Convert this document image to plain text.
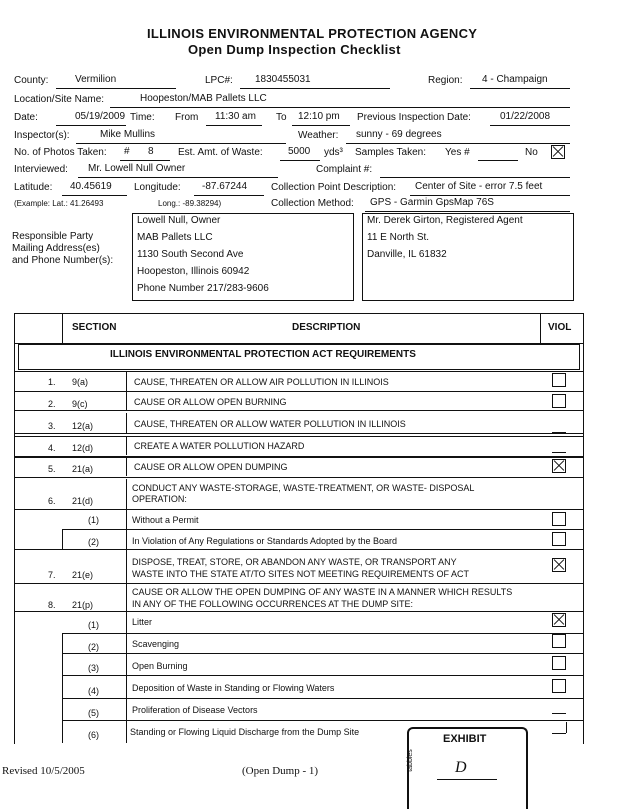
ILLINOIS ENVIRONMENTAL PROTECTION AGENCY
Open Dump Inspection Checklist
County:	Vermilion	LPC#: 1830455031	Region: 4 - Champaign
Location/Site Name:	Hoopeston/MAB Pallets LLC
Date:	05/19/2009 Time: From 11:30 am To 12:10 pm Previous Inspection Date:	01/22/2008
Inspector(s):	Mike Mullins	Weather: sunny - 69 degrees
No. of Photos Taken: # 8 Est. Amt. of Waste:	5000 yds³ Samples Taken: Yes #	No
Interviewed: Mr. Lowell Null Owner	Complaint #:
Latitude: 40.45619 Longitude: -87.67244 Collection Point Description: Center of Site - error 7.5 feet
(Example: Lat.: 41.26493	Long.: -89.38294)	Collection Method: GPS - Garmin GpsMap 76S
Responsible Party
Mailing Address(es)
and Phone Number(s):
Lowell Null, Owner
MAB Pallets LLC
1130 South Second Ave
Hoopeston, Illinois 60942
Phone Number 217/283-9606
Mr. Derek Girton, Registered Agent
11 E North St.
Danville, IL 61832
SECTION	DESCRIPTION	VIOL
ILLINOIS ENVIRONMENTAL PROTECTION ACT REQUIREMENTS
1. 9(a)	CAUSE, THREATEN OR ALLOW AIR POLLUTION IN ILLINOIS
2. 9(c)	CAUSE OR ALLOW OPEN BURNING
3. 12(a)	CAUSE, THREATEN OR ALLOW WATER POLLUTION IN ILLINOIS
4. 12(d)	CREATE A WATER POLLUTION HAZARD
5. 21(a)	CAUSE OR ALLOW OPEN DUMPING
6. 21(d)
CONDUCT ANY WASTE-STORAGE, WASTE-TREATMENT, OR WASTE- DISPOSAL
OPERATION:
(1)	Without a Permit
(2)	In Violation of Any Regulations or Standards Adopted by the Board
7. 21(e)
DISPOSE, TREAT, STORE, OR ABANDON ANY WASTE, OR TRANSPORT ANY
WASTE INTO THE STATE AT/TO SITES NOT MEETING REQUIREMENTS OF ACT
8. 21(p)
CAUSE OR ALLOW THE OPEN DUMPING OF ANY WASTE IN A MANNER WHICH RESULTS
IN ANY OF THE FOLLOWING OCCURRENCES AT THE DUMP SITE:
(1)	Litter
(2)	Scavenging
(3)	Open Burning
(4)	Deposition of Waste in Standing or Flowing Waters
(5)	Proliferation of Disease Vectors
(6)	Standing or Flowing Liquid Discharge from the Dump Site
Revised 10/5/2005	(Open Dump - 1)
EXHIBIT
tabbles	D
